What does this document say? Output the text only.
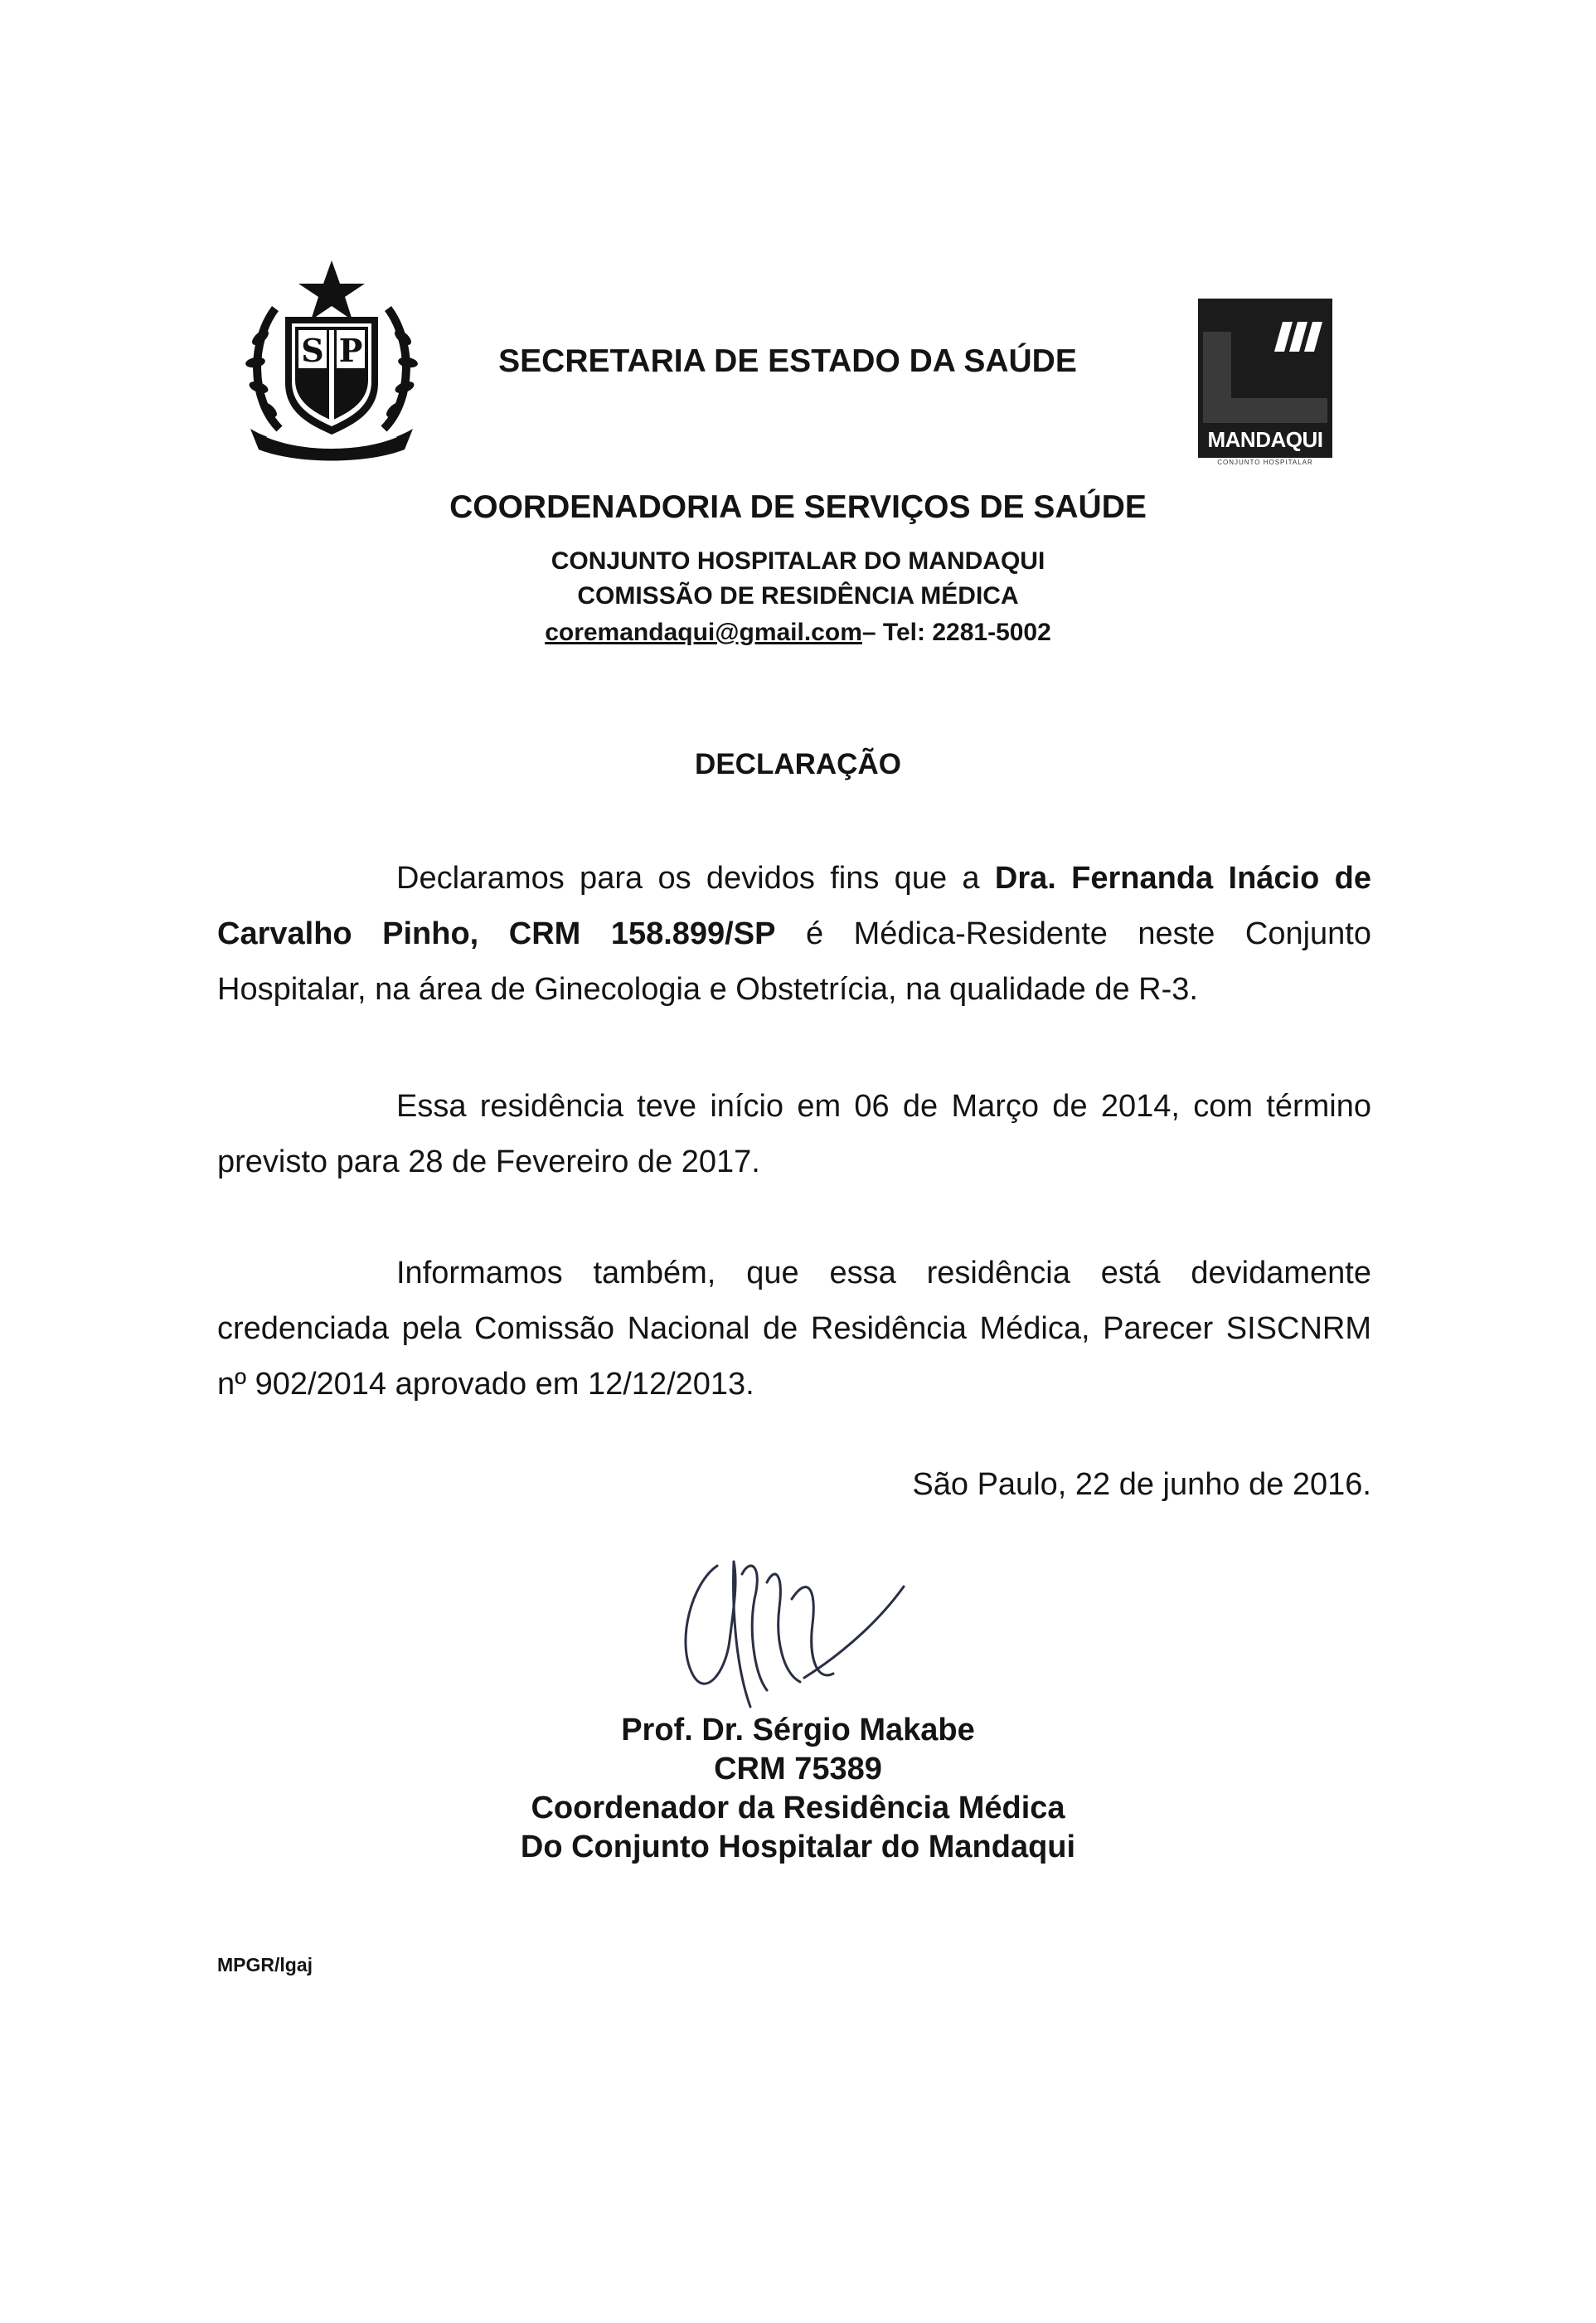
S P
MANDAQUI
CONJUNTO HOSPITALAR
SECRETARIA DE ESTADO DA SAÚDE
COORDENADORIA DE SERVIÇOS DE SAÚDE
CONJUNTO HOSPITALAR DO MANDAQUI
COMISSÃO DE RESIDÊNCIA MÉDICA
coremandaqui@gmail.com– Tel: 2281-5002
DECLARAÇÃO
Declaramos para os devidos fins que a Dra. Fernanda Inácio de Carvalho Pinho, CRM 158.899/SP é Médica-Residente neste Conjunto Hospitalar, na área de Ginecologia e Obstetrícia, na qualidade de R-3.
Essa residência teve início em 06 de Março de 2014, com término previsto para 28 de Fevereiro de 2017.
Informamos também, que essa residência está devidamente credenciada pela Comissão Nacional de Residência Médica, Parecer SISCNRM nº 902/2014 aprovado em 12/12/2013.
São Paulo, 22 de junho de 2016.
Prof. Dr. Sérgio Makabe
CRM 75389
Coordenador da Residência Médica
Do Conjunto Hospitalar do Mandaqui
MPGR/lgaj
